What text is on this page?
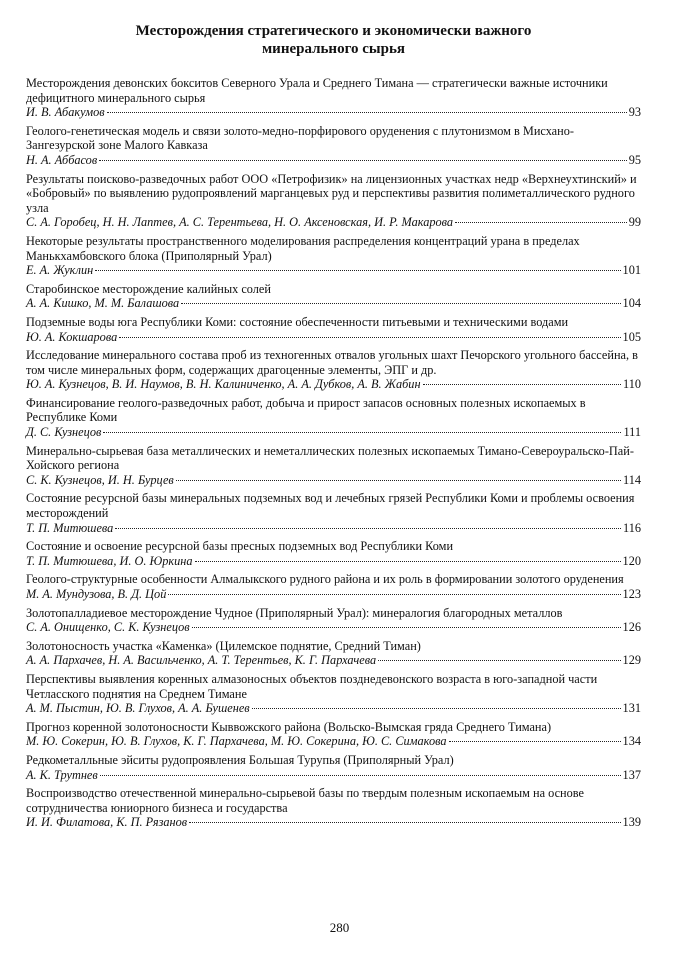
Месторождения стратегического и экономически важного минерального сырья
Месторождения девонских бокситов Северного Урала и Среднего Тимана — стратегически важные источники дефицитного минерального сырья
И. В. Абакумов	93
Геолого-генетическая модель и связи золото-медно-порфирового оруденения с плутонизмом в Мисхано-Зангезурской зоне Малого Кавказа
Н. А. Аббасов	95
Результаты поисково-разведочных работ ООО «Петрофизик» на лицензионных участках недр «Верхнеухтинский» и «Бобровый» по выявлению рудопроявлений марганцевых руд и перспективы развития полиметаллического рудного узла
С. А. Горобец, Н. Н. Лаптев, А. С. Терентьева, Н. О. Аксеновская, И. Р. Макарова	99
Некоторые результаты пространственного моделирования распределения концентраций урана в пределах Манькхамбовского блока (Приполярный Урал)
Е. А. Жуклин	101
Старобинское месторождение калийных солей
А. А. Кишко, М. М. Балашова	104
Подземные воды юга Республики Коми: состояние обеспеченности питьевыми и техническими водами
Ю. А. Кокшарова	105
Исследование минерального состава проб из техногенных отвалов угольных шахт Печорского угольного бассейна, в том числе минеральных форм, содержащих драгоценные элементы, ЭПГ и др.
Ю. А. Кузнецов, В. И. Наумов, В. Н. Калиниченко, А. А. Дубков, А. В. Жабин	110
Финансирование геолого-разведочных работ, добыча и прирост запасов основных полезных ископаемых в Республике Коми
Д. С. Кузнецов	111
Минерально-сырьевая база металлических и неметаллических полезных ископаемых Тимано-Североуральско-Пай-Хойского региона
С. К. Кузнецов, И. Н. Бурцев	114
Состояние ресурсной базы минеральных подземных вод и лечебных грязей Республики Коми и проблемы освоения месторождений
Т. П. Митюшева	116
Состояние и освоение ресурсной базы пресных подземных вод Республики Коми
Т. П. Митюшева, И. О. Юркина	120
Геолого-структурные особенности Алмалыкского рудного района и их роль в формировании золотого оруденения
М. А. Мундузова, В. Д. Цой	123
Золотопалладиевое месторождение Чудное (Приполярный Урал): минералогия благородных металлов
С. А. Онищенко, С. К. Кузнецов	126
Золотоносность участка «Каменка» (Цилемское поднятие, Средний Тиман)
А. А. Пархачев, Н. А. Васильченко, А. Т. Терентьев, К. Г. Пархачева	129
Перспективы выявления коренных алмазоносных объектов позднедевонского возраста в юго-западной части Четласского поднятия на Среднем Тимане
А. М. Пыстин, Ю. В. Глухов, А. А. Бушенев	131
Прогноз коренной золотоносности Кыввожского района (Вольско-Вымская гряда Среднего Тимана)
М. Ю. Сокерин, Ю. В. Глухов, К. Г. Пархачева, М. Ю. Сокерина, Ю. С. Симакова	134
Редкометалльные эйситы рудопроявления Большая Турупья (Приполярный Урал)
А. К. Трутнев	137
Воспроизводство отечественной минерально-сырьевой базы по твердым полезным ископаемым на основе сотрудничества юниорного бизнеса и государства
И. И. Филатова, К. П. Рязанов	139
280
